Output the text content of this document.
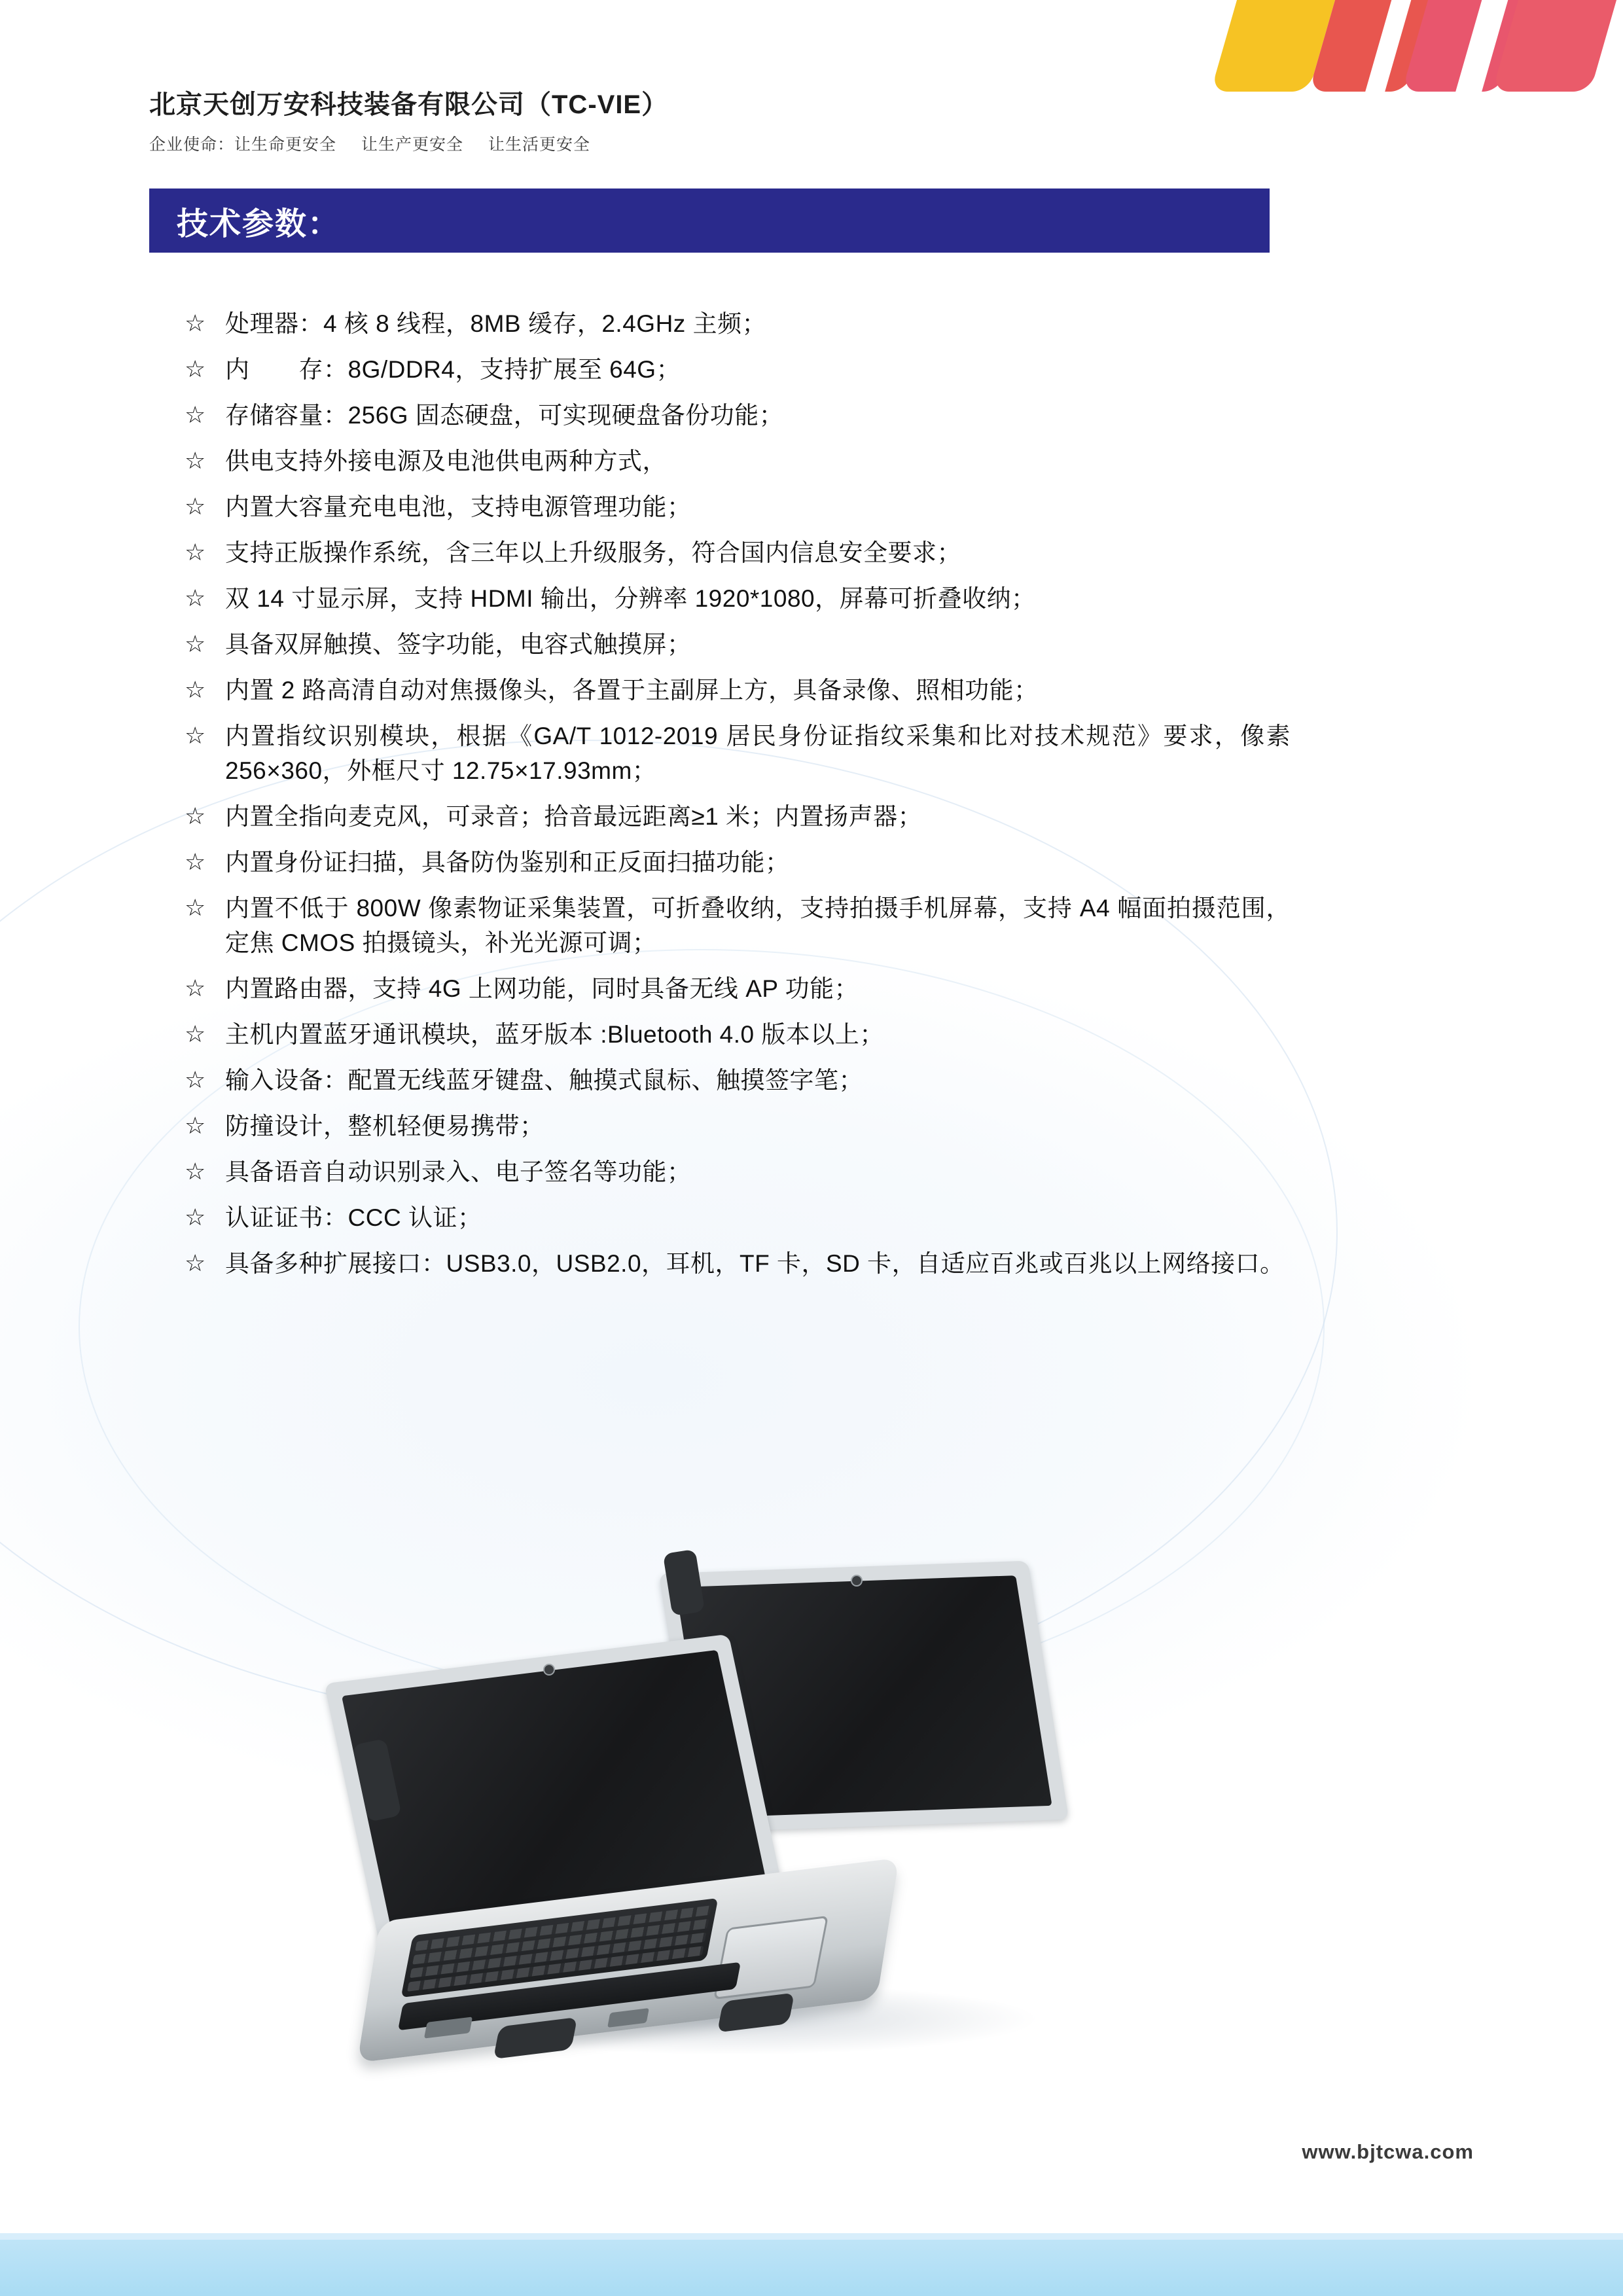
北京天创万安科技装备有限公司（TC-VIE）
企业使命：让生命更安全 让生产更安全 让生活更安全
技术参数：
☆ 处理器：4 核 8 线程，8MB 缓存，2.4GHz 主频；
☆ 内　　存：8G/DDR4，支持扩展至 64G；
☆ 存储容量：256G 固态硬盘，可实现硬盘备份功能；
☆ 供电支持外接电源及电池供电两种方式，
☆ 内置大容量充电电池，支持电源管理功能；
☆ 支持正版操作系统，含三年以上升级服务，符合国内信息安全要求；
☆ 双 14 寸显示屏，支持 HDMI 输出，分辨率 1920*1080，屏幕可折叠收纳；
☆ 具备双屏触摸、签字功能，电容式触摸屏；
☆ 内置 2 路高清自动对焦摄像头，各置于主副屏上方，具备录像、照相功能；
☆ 内置指纹识别模块，根据《GA/T 1012-2019 居民身份证指纹采集和比对技术规范》要求，像素 256×360，外框尺寸 12.75×17.93mm；
☆ 内置全指向麦克风，可录音；拾音最远距离≥1 米；内置扬声器；
☆ 内置身份证扫描，具备防伪鉴别和正反面扫描功能；
☆ 内置不低于 800W 像素物证采集装置，可折叠收纳，支持拍摄手机屏幕，支持 A4 幅面拍摄范围，定焦 CMOS 拍摄镜头，补光光源可调；
☆ 内置路由器，支持 4G 上网功能，同时具备无线 AP 功能；
☆ 主机内置蓝牙通讯模块，蓝牙版本 :Bluetooth 4.0 版本以上；
☆ 输入设备：配置无线蓝牙键盘、触摸式鼠标、触摸签字笔；
☆ 防撞设计，整机轻便易携带；
☆ 具备语音自动识别录入、电子签名等功能；
☆ 认证证书：CCC 认证；
☆ 具备多种扩展接口：USB3.0，USB2.0，耳机，TF 卡，SD 卡，自适应百兆或百兆以上网络接口。
www.bjtcwa.com
